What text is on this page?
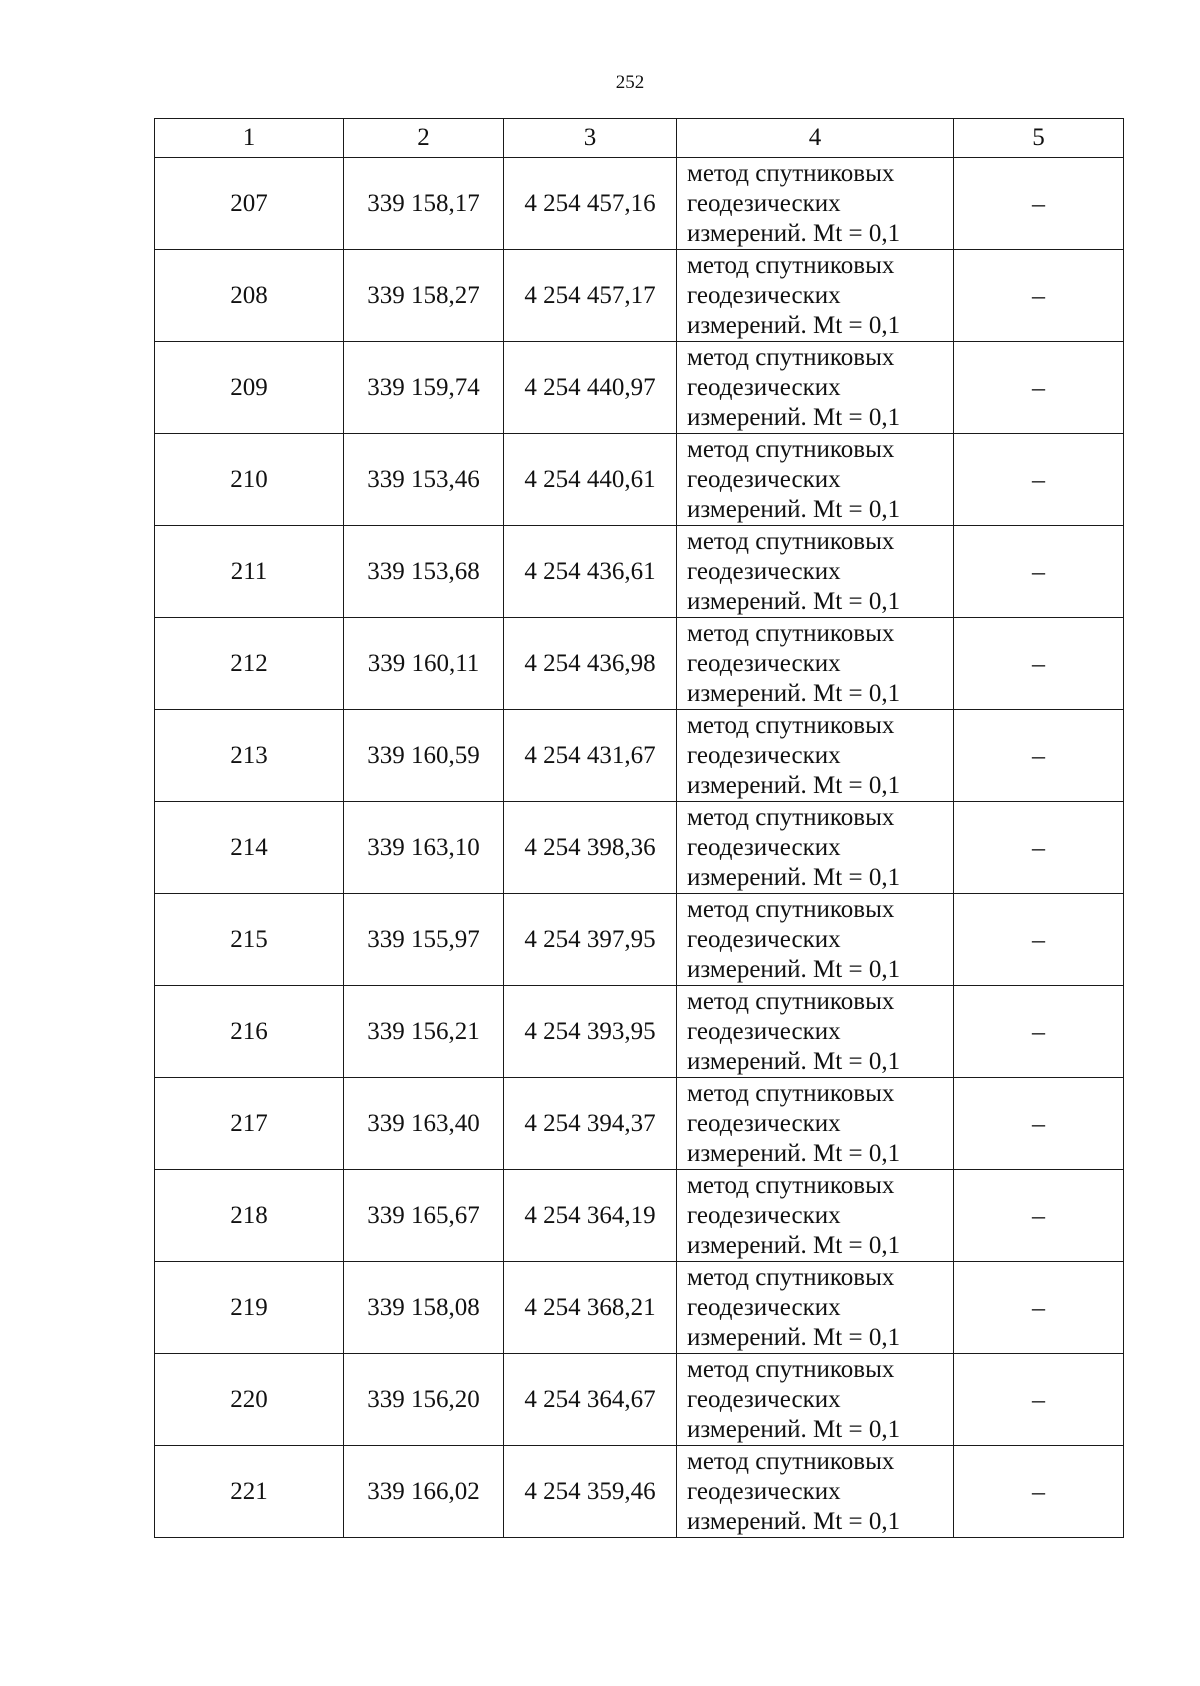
252
1	2	3	4	5
207	339 158,17	4 254 457,16	метод спутниковых
геодезических
измерений. Mt = 0,1	–
208	339 158,27	4 254 457,17	метод спутниковых
геодезических
измерений. Mt = 0,1	–
209	339 159,74	4 254 440,97	метод спутниковых
геодезических
измерений. Mt = 0,1	–
210	339 153,46	4 254 440,61	метод спутниковых
геодезических
измерений. Mt = 0,1	–
211	339 153,68	4 254 436,61	метод спутниковых
геодезических
измерений. Mt = 0,1	–
212	339 160,11	4 254 436,98	метод спутниковых
геодезических
измерений. Mt = 0,1	–
213	339 160,59	4 254 431,67	метод спутниковых
геодезических
измерений. Mt = 0,1	–
214	339 163,10	4 254 398,36	метод спутниковых
геодезических
измерений. Mt = 0,1	–
215	339 155,97	4 254 397,95	метод спутниковых
геодезических
измерений. Mt = 0,1	–
216	339 156,21	4 254 393,95	метод спутниковых
геодезических
измерений. Mt = 0,1	–
217	339 163,40	4 254 394,37	метод спутниковых
геодезических
измерений. Mt = 0,1	–
218	339 165,67	4 254 364,19	метод спутниковых
геодезических
измерений. Mt = 0,1	–
219	339 158,08	4 254 368,21	метод спутниковых
геодезических
измерений. Mt = 0,1	–
220	339 156,20	4 254 364,67	метод спутниковых
геодезических
измерений. Mt = 0,1	–
221	339 166,02	4 254 359,46	метод спутниковых
геодезических
измерений. Mt = 0,1	–
